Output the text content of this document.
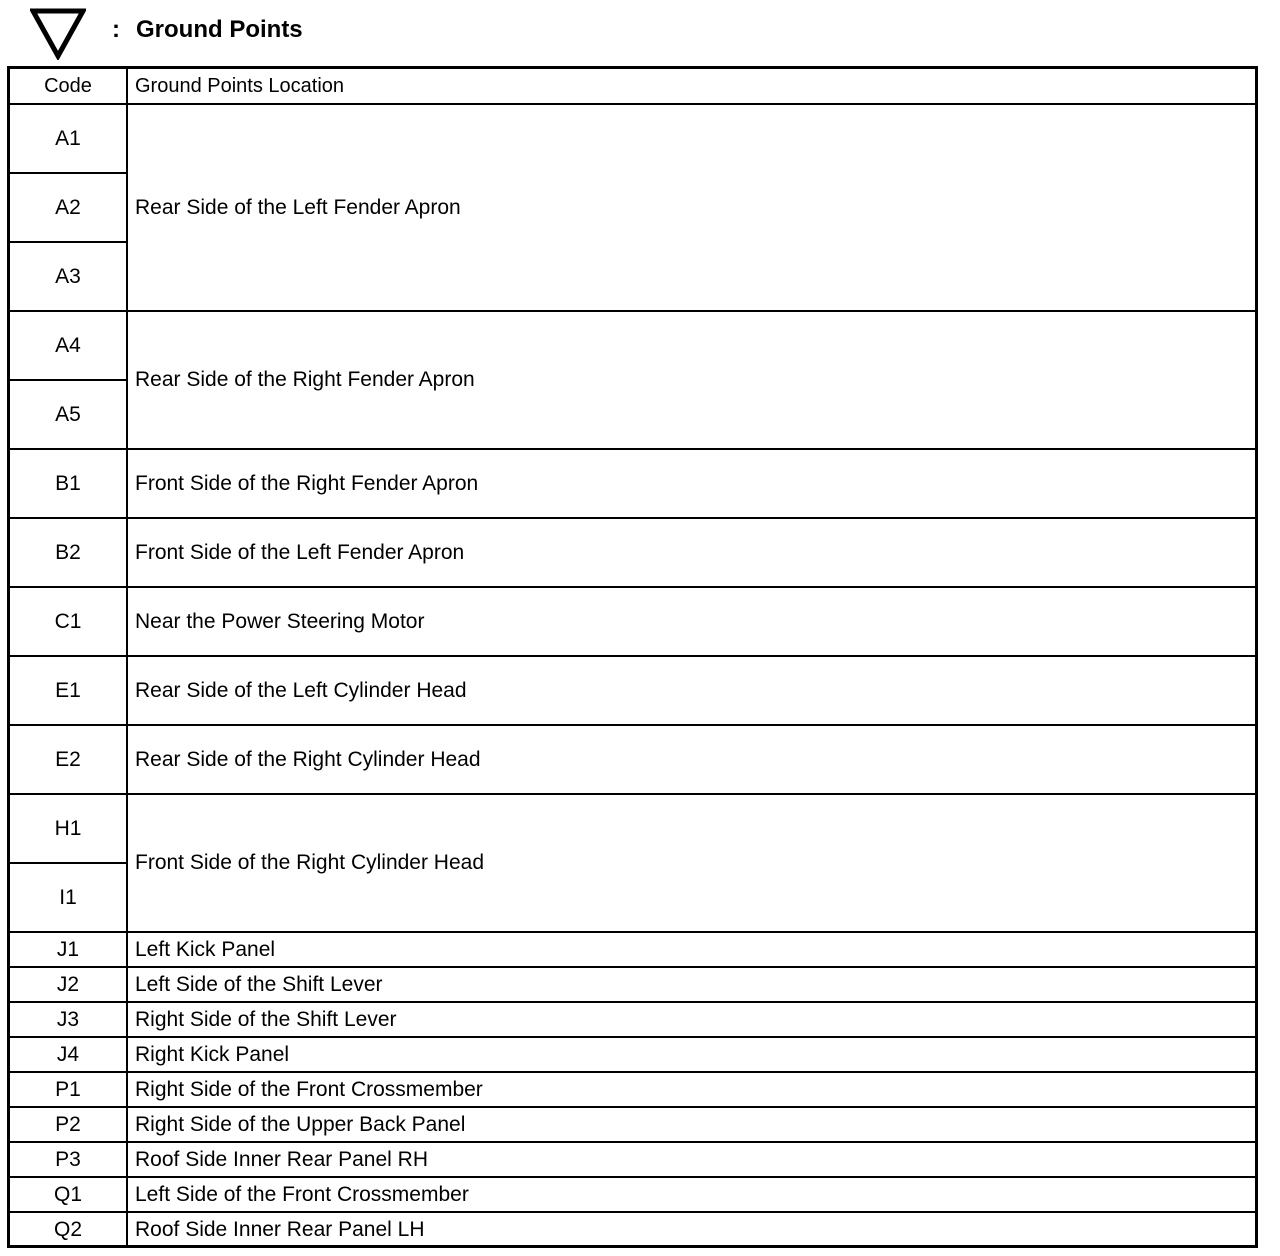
: Ground Points
Code	Ground Points Location
A1	Rear Side of the Left Fender Apron
A2	
A3	
A4	Rear Side of the Right Fender Apron
A5	
B1	Front Side of the Right Fender Apron
B2	Front Side of the Left Fender Apron
C1	Near the Power Steering Motor
E1	Rear Side of the Left Cylinder Head
E2	Rear Side of the Right Cylinder Head
H1	Front Side of the Right Cylinder Head
I1	
J1	Left Kick Panel
J2	Left Side of the Shift Lever
J3	Right Side of the Shift Lever
J4	Right Kick Panel
P1	Right Side of the Front Crossmember
P2	Right Side of the Upper Back Panel
P3	Roof Side Inner Rear Panel RH
Q1	Left Side of the Front Crossmember
Q2	Roof Side Inner Rear Panel LH
